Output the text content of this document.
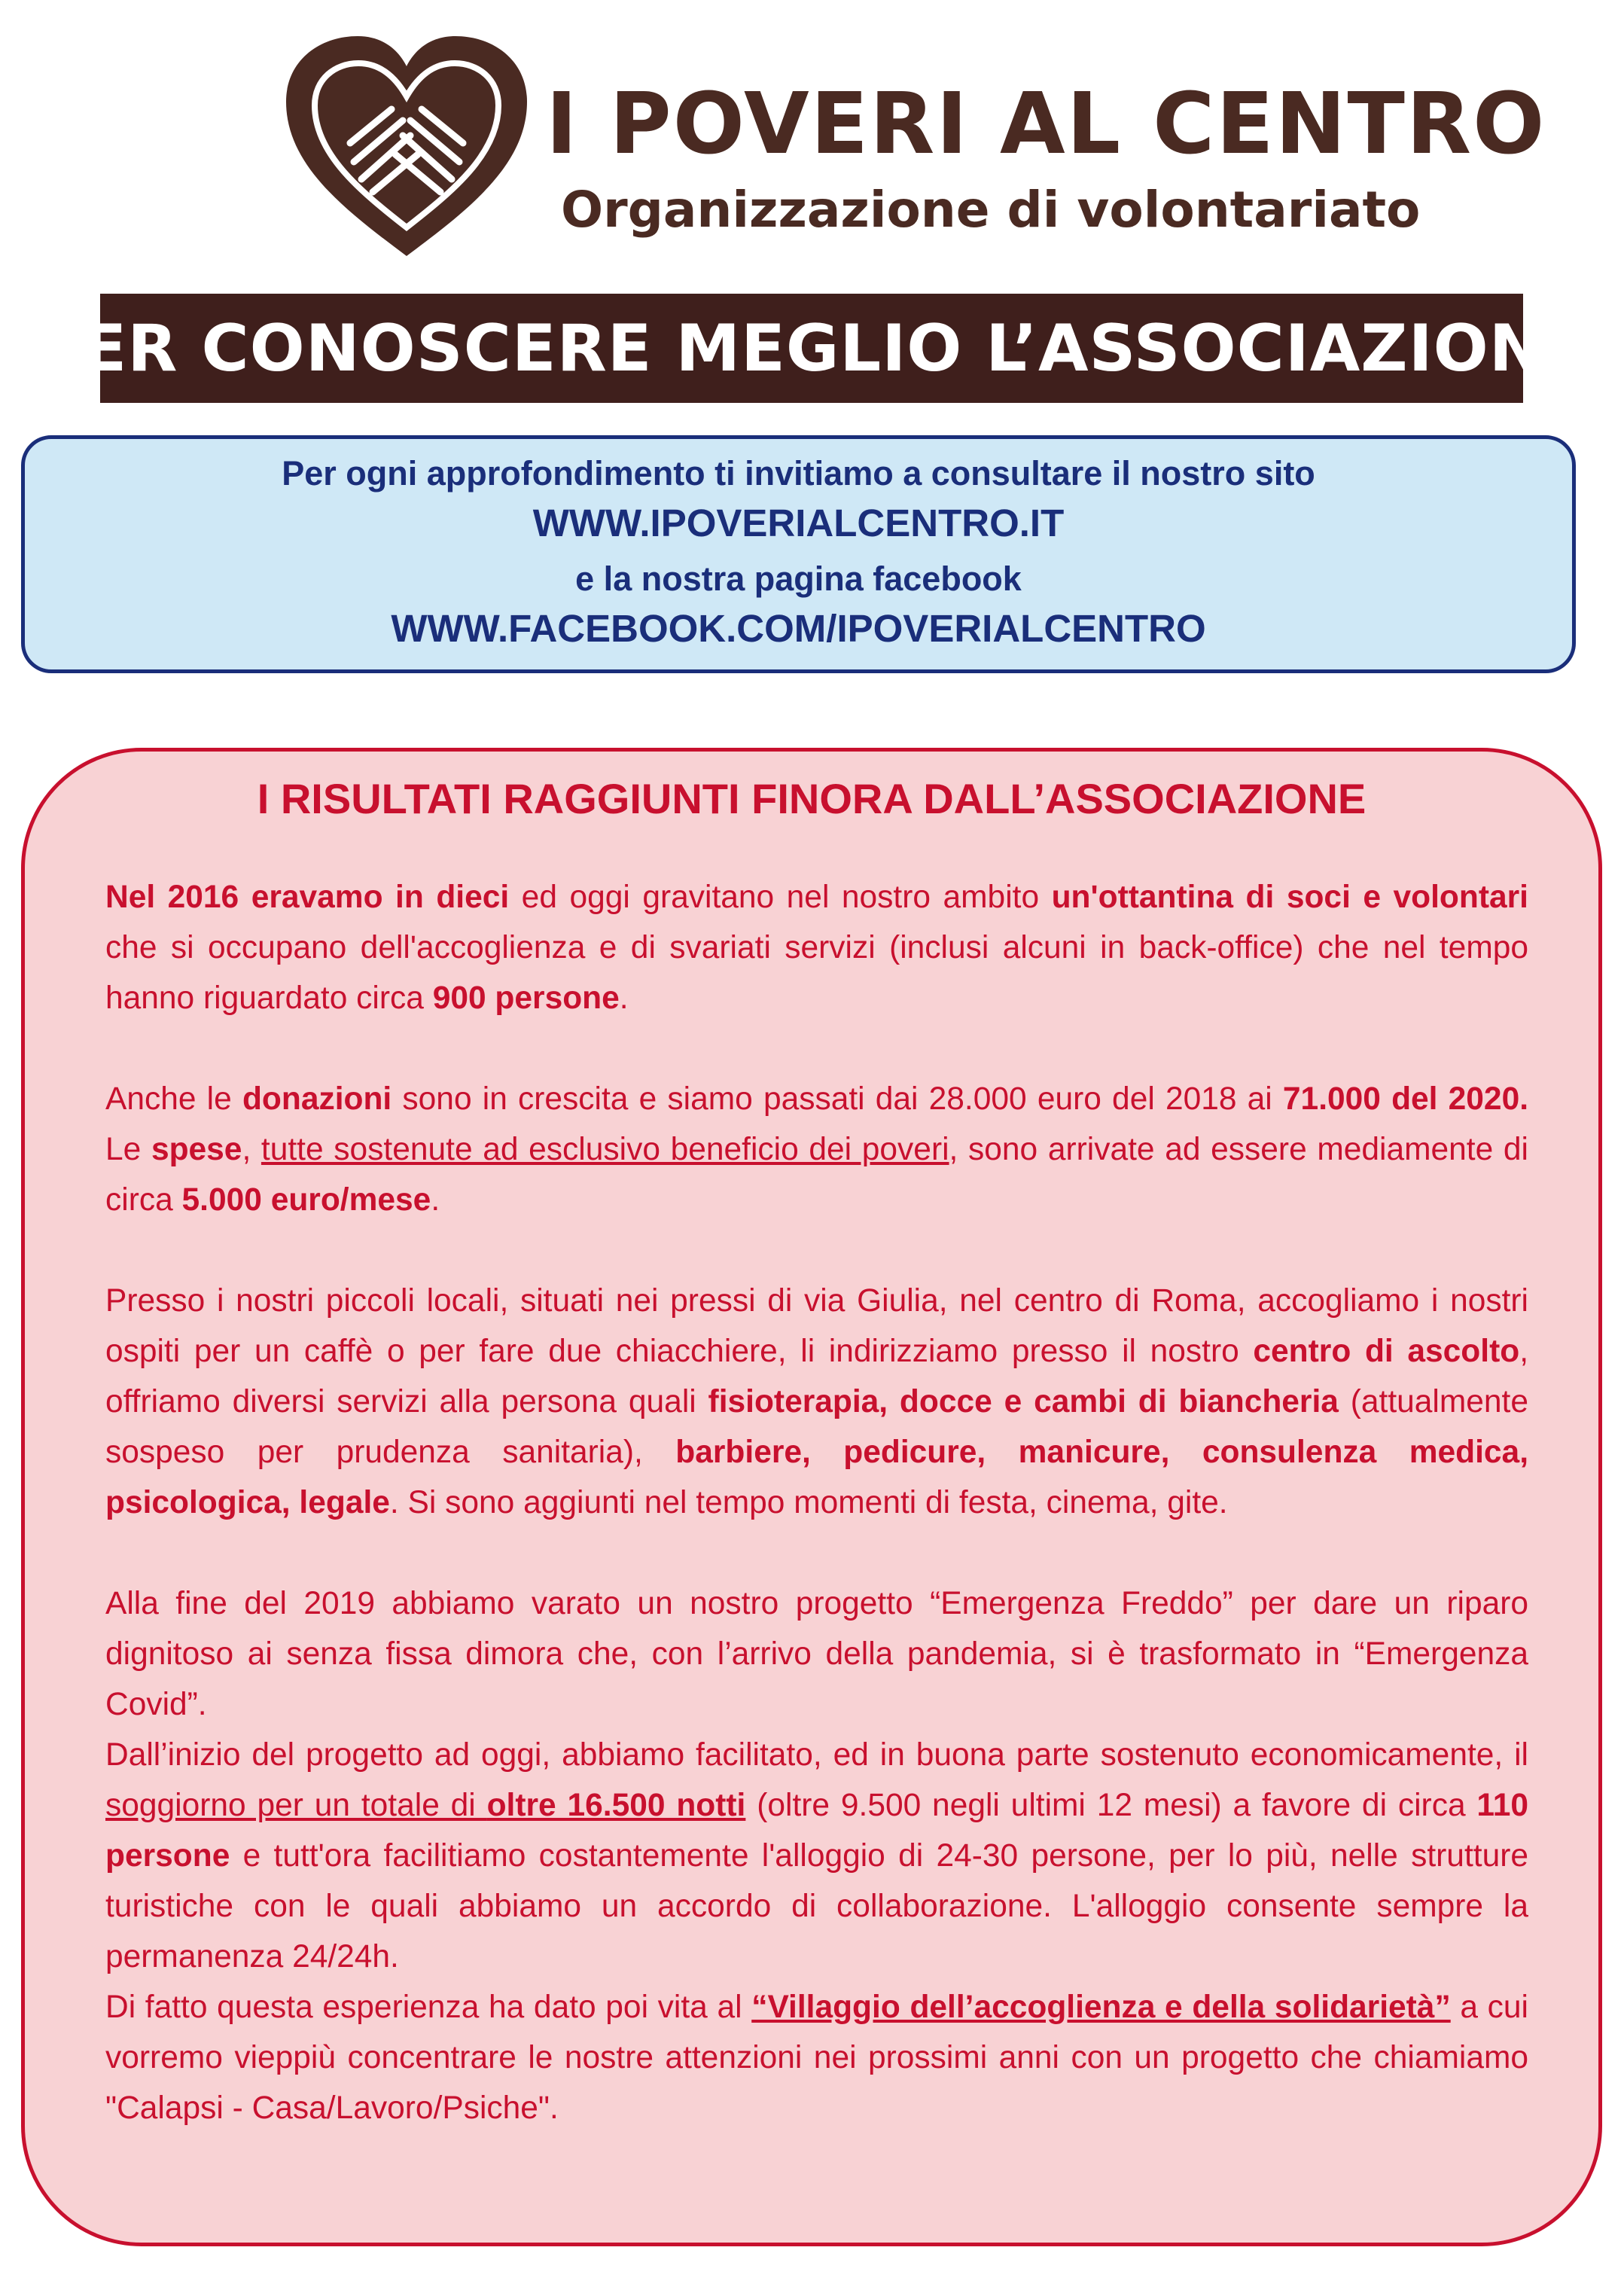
I POVERI AL CENTRO
Organizzazione di volontariato
PER CONOSCERE MEGLIO L’ASSOCIAZIONE
Per ogni approfondimento ti invitiamo a consultare il nostro sito
WWW.IPOVERIALCENTRO.IT
e la nostra pagina facebook
WWW.FACEBOOK.COM/IPOVERIALCENTRO
I RISULTATI RAGGIUNTI FINORA DALL’ASSOCIAZIONE

Nel 2016 eravamo in dieci ed oggi gravitano nel nostro ambito un'ottantina di soci e volontari che si occupano dell'accoglienza e di svariati servizi (inclusi alcuni in back-office) che nel tempo hanno riguardato circa 900 persone.

Anche le donazioni sono in crescita e siamo passati dai 28.000 euro del 2018 ai 71.000 del 2020. Le spese, tutte sostenute ad esclusivo beneficio dei poveri, sono arrivate ad essere mediamente di circa 5.000 euro/mese.

Presso i nostri piccoli locali, situati nei pressi di via Giulia, nel centro di Roma, accogliamo i nostri ospiti per un caffè o per fare due chiacchiere, li indirizziamo presso il nostro centro di ascolto, offriamo diversi servizi alla persona quali fisioterapia, docce e cambi di biancheria (attualmente sospeso per prudenza sanitaria), barbiere, pedicure, manicure, consulenza medica, psicologica, legale. Si sono aggiunti nel tempo momenti di festa, cinema, gite.

Alla fine del 2019 abbiamo varato un nostro progetto “Emergenza Freddo” per dare un riparo dignitoso ai senza fissa dimora che, con l’arrivo della pandemia, si è trasformato in “Emergenza Covid”.

Dall’inizio del progetto ad oggi, abbiamo facilitato, ed in buona parte sostenuto economicamente, il soggiorno per un totale di oltre 16.500 notti (oltre 9.500 negli ultimi 12 mesi) a favore di circa 110 persone e tutt'ora facilitiamo costantemente l'alloggio di 24-30 persone, per lo più, nelle strutture turistiche con le quali abbiamo un accordo di collaborazione. L'alloggio consente sempre la permanenza 24/24h.

Di fatto questa esperienza ha dato poi vita al “Villaggio dell’accoglienza e della solidarietà” a cui vorremo vieppiù concentrare le nostre attenzioni nei prossimi anni con un progetto che chiamiamo "Calapsi - Casa/Lavoro/Psiche".
